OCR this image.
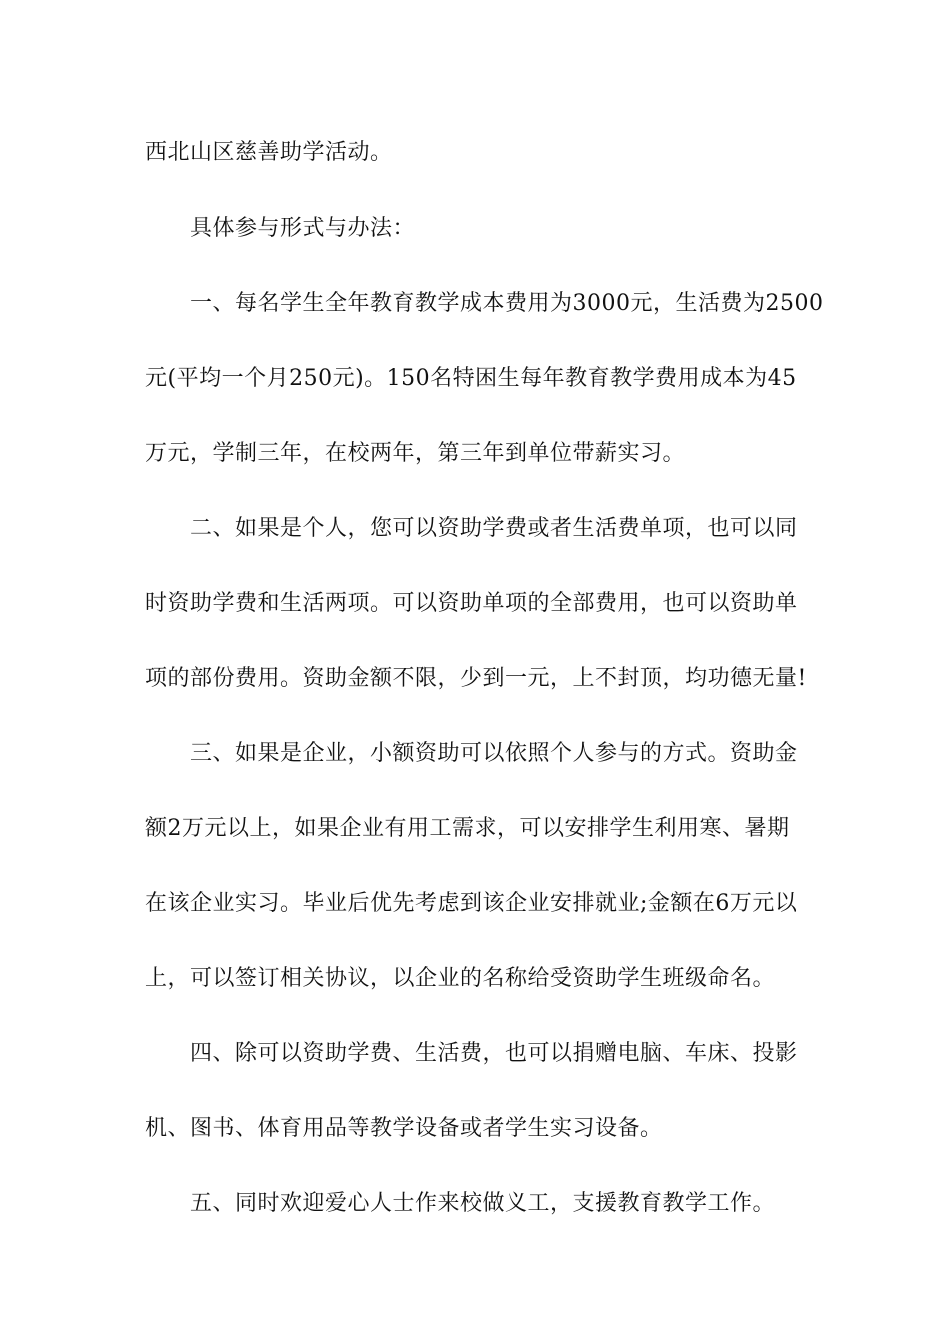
西北山区慈善助学活动。

具体参与形式与办法：

一、每名学生全年教育教学成本费用为3000元，生活费为2500

元(平均一个月250元)。150名特困生每年教育教学费用成本为45

万元，学制三年，在校两年，第三年到单位带薪实习。

二、如果是个人，您可以资助学费或者生活费单项，也可以同

时资助学费和生活两项。可以资助单项的全部费用，也可以资助单

项的部份费用。资助金额不限，少到一元，上不封顶，均功德无量!

三、如果是企业，小额资助可以依照个人参与的方式。资助金

额2万元以上，如果企业有用工需求，可以安排学生利用寒、暑期

在该企业实习。毕业后优先考虑到该企业安排就业;金额在6万元以

上，可以签订相关协议，以企业的名称给受资助学生班级命名。

四、除可以资助学费、生活费，也可以捐赠电脑、车床、投影

机、图书、体育用品等教学设备或者学生实习设备。

五、同时欢迎爱心人士作来校做义工，支援教育教学工作。
